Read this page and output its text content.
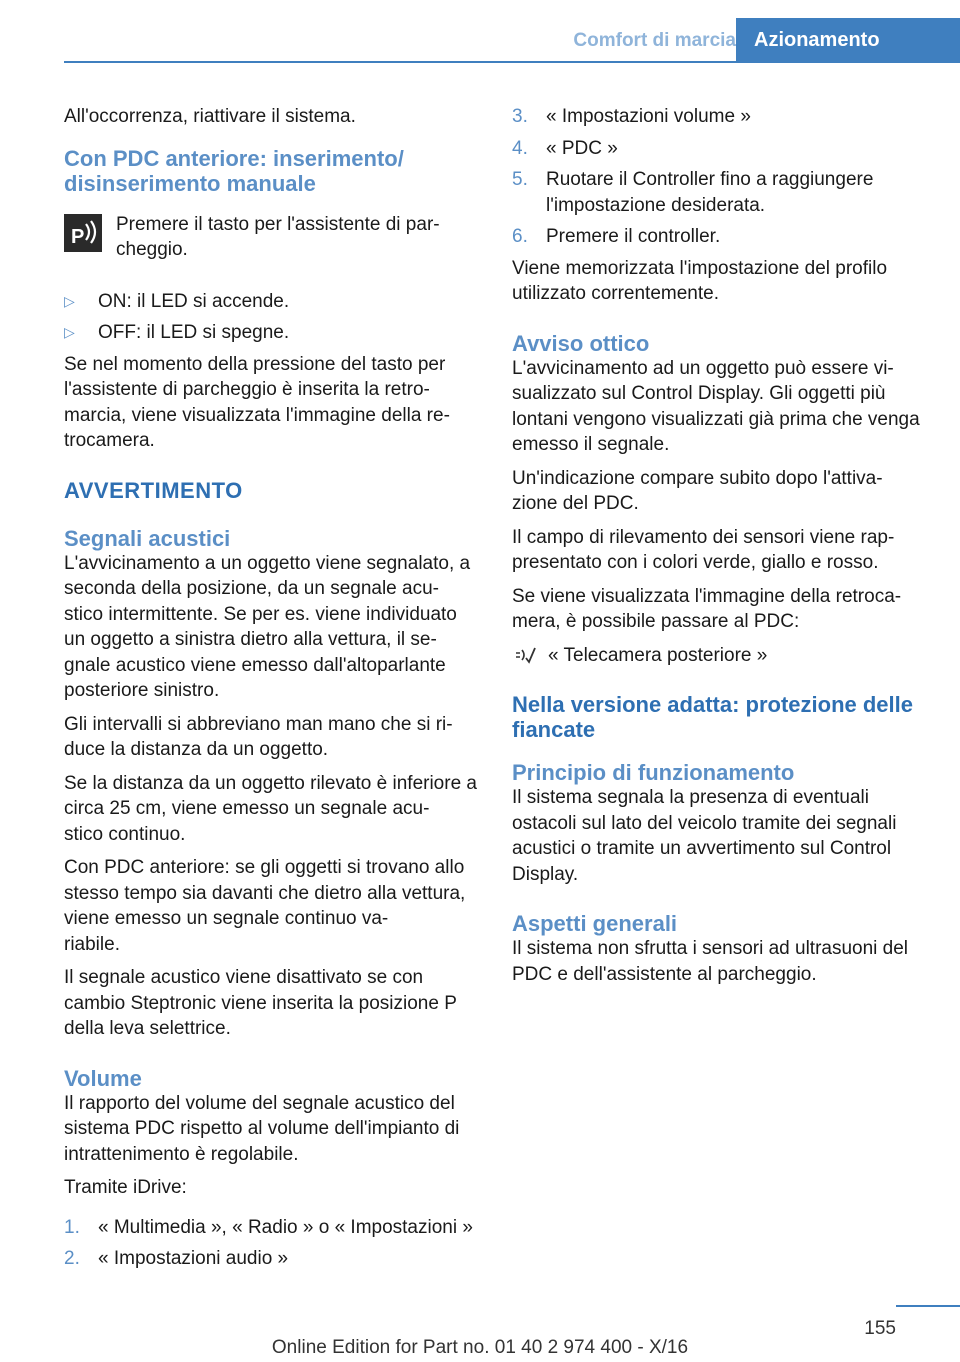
Comfort di marcia Azionamento

All'occorrenza, riattivare il sistema.

Con PDC anteriore: inserimento/
disinserimento manuale
P

Premere il tasto per l'assistente di par-
cheggio.

▷	ON: il LED si accende.
▷	OFF: il LED si spegne.

Se nel momento della pressione del tasto per l'assistente di parcheggio è inserita la retro-
marcia, viene visualizzata l'immagine della re-
trocamera.

AVVERTIMENTO
Segnali acustici

L'avvicinamento a un oggetto viene segnalato, a seconda della posizione, da un segnale acu-
stico intermittente. Se per es. viene individuato un oggetto a sinistra dietro alla vettura, il se-
gnale acustico viene emesso dall'altoparlante posteriore sinistro.

Gli intervalli si abbreviano man mano che si ri-
duce la distanza da un oggetto.

Se la distanza da un oggetto rilevato è inferiore a circa 25 cm, viene emesso un segnale acu-
stico continuo.

Con PDC anteriore: se gli oggetti si trovano allo stesso tempo sia davanti che dietro alla vettura, viene emesso un segnale continuo va-
riabile.

Il segnale acustico viene disattivato se con cambio Steptronic viene inserita la posizione P della leva selettrice.

Volume

Il rapporto del volume del segnale acustico del sistema PDC rispetto al volume dell'impianto di intrattenimento è regolabile.

Tramite iDrive:

1. « Multimedia », « Radio » o « Impostazioni »
2. « Impostazioni audio »
3. « Impostazioni volume »
4. « PDC »
5. Ruotare il Controller fino a raggiungere l'impostazione desiderata.
6. Premere il controller.

Viene memorizzata l'impostazione del profilo utilizzato correntemente.

Avviso ottico

L'avvicinamento ad un oggetto può essere vi-
sualizzato sul Control Display. Gli oggetti più lontani vengono visualizzati già prima che venga emesso il segnale.

Un'indicazione compare subito dopo l'attiva-
zione del PDC.

Il campo di rilevamento dei sensori viene rap-
presentato con i colori verde, giallo e rosso.

Se viene visualizzata l'immagine della retroca-
mera, è possibile passare al PDC:

« Telecamera posteriore »

Nella versione adatta: protezione delle fiancate
Principio di funzionamento

Il sistema segnala la presenza di eventuali ostacoli sul lato del veicolo tramite dei segnali acustici o tramite un avvertimento sul Control Display.

Aspetti generali

Il sistema non sfrutta i sensori ad ultrasuoni del PDC e dell'assistente al parcheggio.

155
Online Edition for Part no. 01 40 2 974 400 - X/16
